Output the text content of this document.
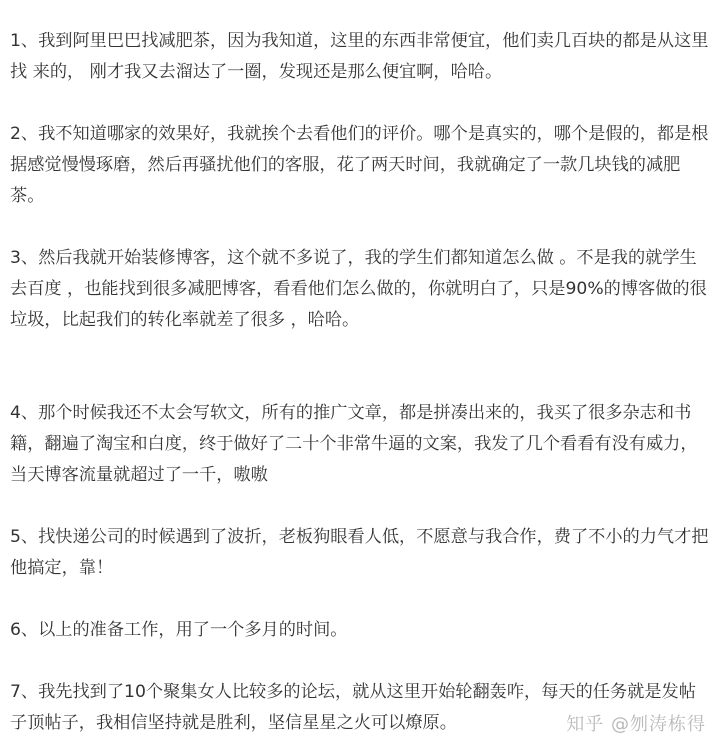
1、我到阿里巴巴找减肥茶，因为我知道，这里的东西非常便宜，他们卖几百块的都是从这里找 来的， 刚才我又去溜达了一圈，发现还是那么便宜啊，哈哈。

2、我不知道哪家的效果好，我就挨个去看他们的评价。哪个是真实的，哪个是假的，都是根据感觉慢慢琢磨，然后再骚扰他们的客服，花了两天时间，我就确定了一款几块钱的减肥茶。

3、然后我就开始装修博客，这个就不多说了，我的学生们都知道怎么做 。不是我的就学生去百度 ，也能找到很多减肥博客，看看他们怎么做的，你就明白了，只是90%的博客做的很垃圾，比起我们的转化率就差了很多 ，哈哈。

4、那个时候我还不太会写软文，所有的推广文章，都是拼凑出来的，我买了很多杂志和书籍，翻遍了淘宝和白度，终于做好了二十个非常牛逼的文案，我发了几个看看有没有威力，当天博客流量就超过了一千，嗷嗷

5、找快递公司的时候遇到了波折，老板狗眼看人低，不愿意与我合作，费了不小的力气才把他搞定，靠！

6、以上的准备工作，用了一个多月的时间。

7、我先找到了10个聚集女人比较多的论坛，就从这里开始轮翻轰咋，每天的任务就是发帖子顶帖子，我相信坚持就是胜利，坚信星星之火可以燎原。	知乎 @刎涛栋得
